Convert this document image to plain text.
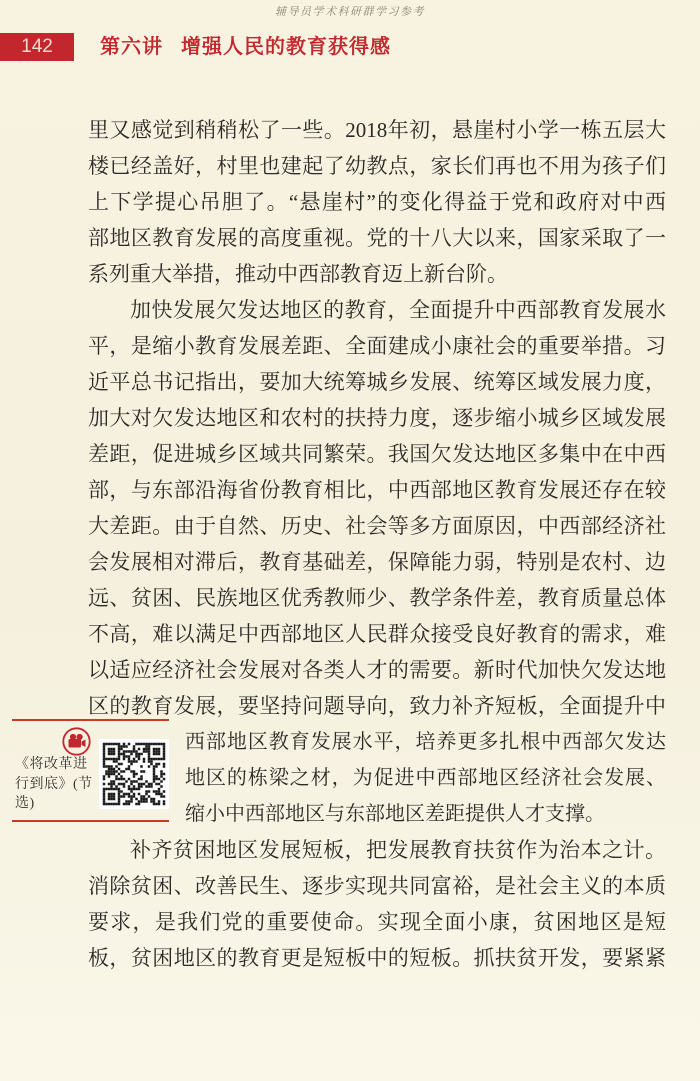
辅导员学术科研群学习参考
142	第六讲 增强人民的教育获得感
里又感觉到稍稍松了一些。2018年初，悬崖村小学一栋五层大
楼已经盖好，村里也建起了幼教点，家长们再也不用为孩子们
上下学提心吊胆了。“悬崖村”的变化得益于党和政府对中西
部地区教育发展的高度重视。党的十八大以来，国家采取了一
系列重大举措，推动中西部教育迈上新台阶。
加快发展欠发达地区的教育，全面提升中西部教育发展水
平，是缩小教育发展差距、全面建成小康社会的重要举措。习
近平总书记指出，要加大统筹城乡发展、统筹区域发展力度，
加大对欠发达地区和农村的扶持力度，逐步缩小城乡区域发展
差距，促进城乡区域共同繁荣。我国欠发达地区多集中在中西
部，与东部沿海省份教育相比，中西部地区教育发展还存在较
大差距。由于自然、历史、社会等多方面原因，中西部经济社
会发展相对滞后，教育基础差，保障能力弱，特别是农村、边
远、贫困、民族地区优秀教师少、教学条件差，教育质量总体
不高，难以满足中西部地区人民群众接受良好教育的需求，难
以适应经济社会发展对各类人才的需要。新时代加快欠发达地
区的教育发展，要坚持问题导向，致力补齐短板，全面提升中
西部地区教育发展水平，培养更多扎根中西部欠发达
地区的栋梁之材，为促进中西部地区经济社会发展、
缩小中西部地区与东部地区差距提供人才支撑。
补齐贫困地区发展短板，把发展教育扶贫作为治本之计。
消除贫困、改善民生、逐步实现共同富裕，是社会主义的本质
要求，是我们党的重要使命。实现全面小康，贫困地区是短
板，贫困地区的教育更是短板中的短板。抓扶贫开发，要紧紧
《将改革进行到底》(节选)
